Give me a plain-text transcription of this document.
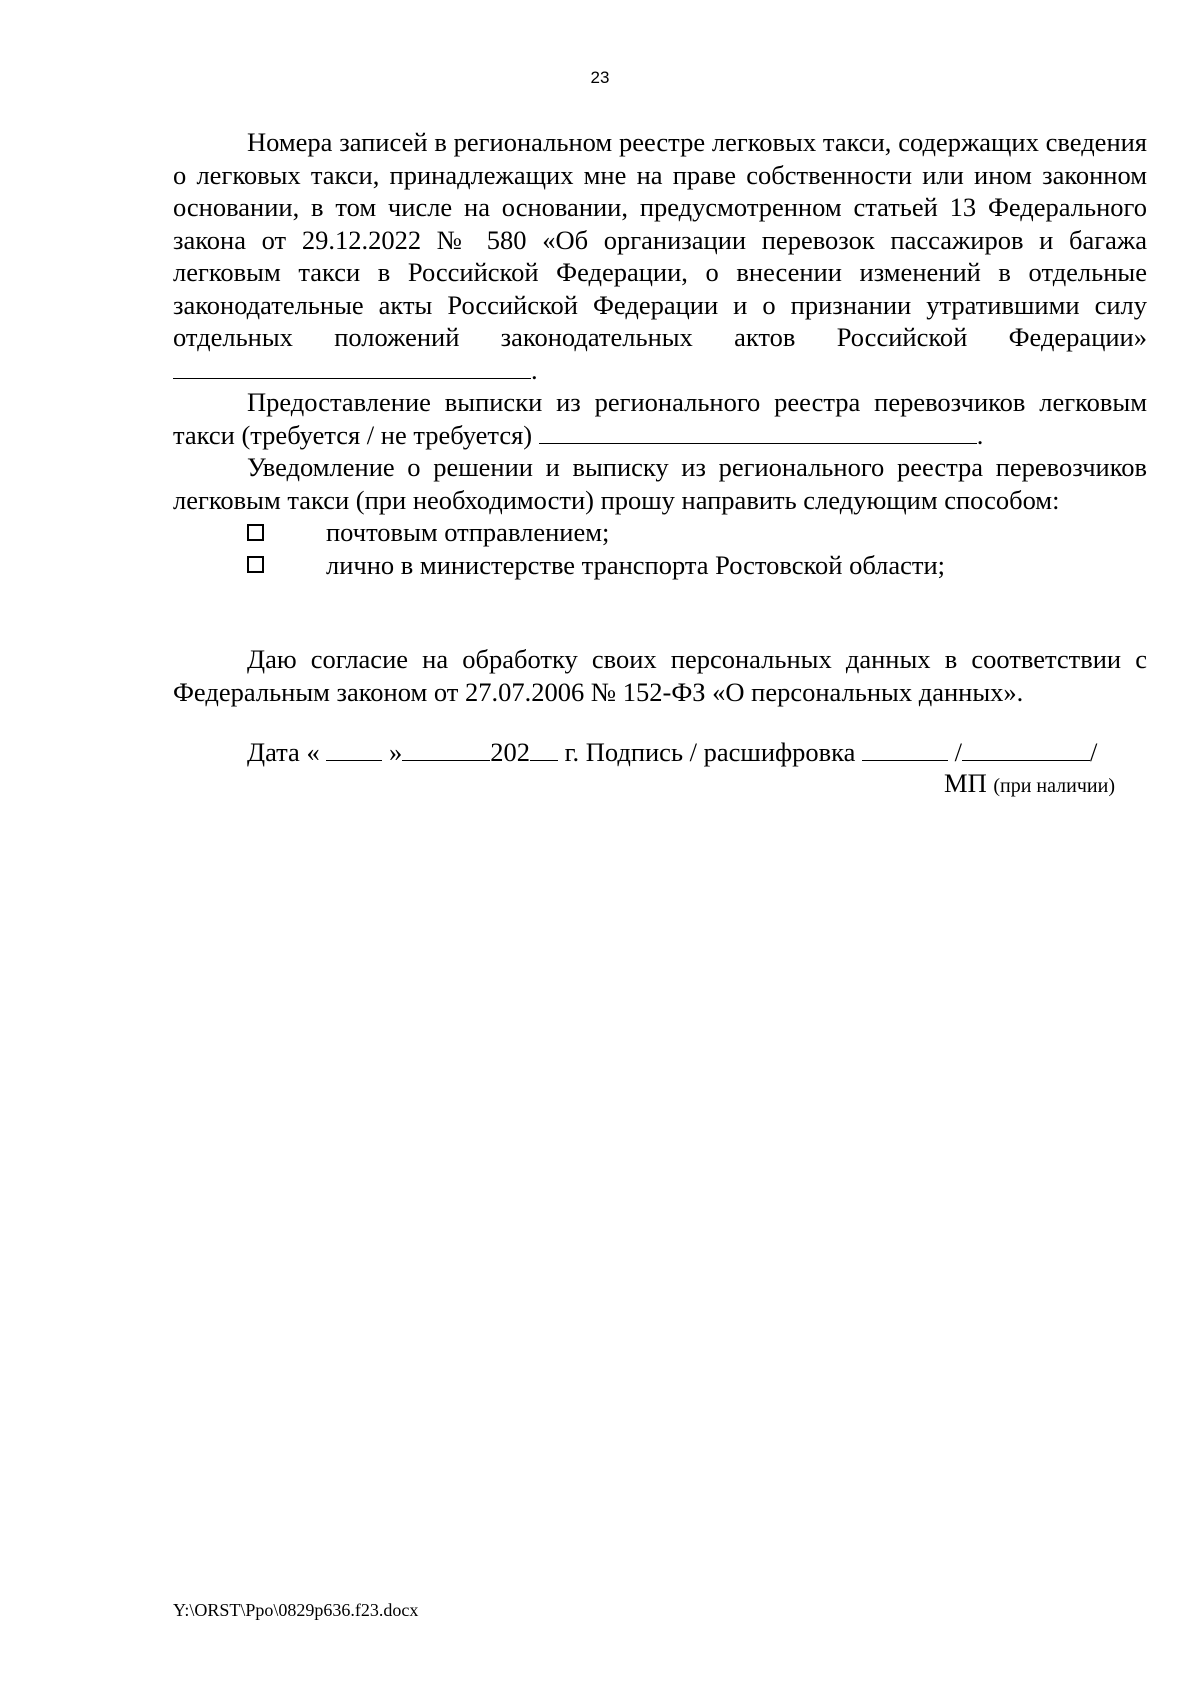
23

Номера записей в региональном реестре легковых такси, содержащих сведения о легковых такси, принадлежащих мне на праве собственности или ином законном основании, в том числе на основании, предусмотренном статьей 13 Федерального закона от 29.12.2022 № 580 «Об организации перевозок пассажиров и багажа легковым такси в Российской Федерации, о внесении изменений в отдельные законодательные акты Российской Федерации и о признании утратившими силу отдельных положений законодательных актов Российской Федерации» .

Предоставление выписки из регионального реестра перевозчиков легковым такси (требуется / не требуется)	.

Уведомление о решении и выписку из регионального реестра перевозчиков легковым такси (при необходимости) прошу направить следующим способом:

почтовым отправлением;
лично в министерстве транспорта Ростовской области;

Даю согласие на обработку своих персональных данных в соответствии с Федеральным законом от 27.07.2006 № 152-ФЗ «О персональных данных».

Дата «	»	202 г. Подпись / расшифровка	/	/
МП (при наличии)
Y:\ORST\Рро\0829р636.f23.docx
